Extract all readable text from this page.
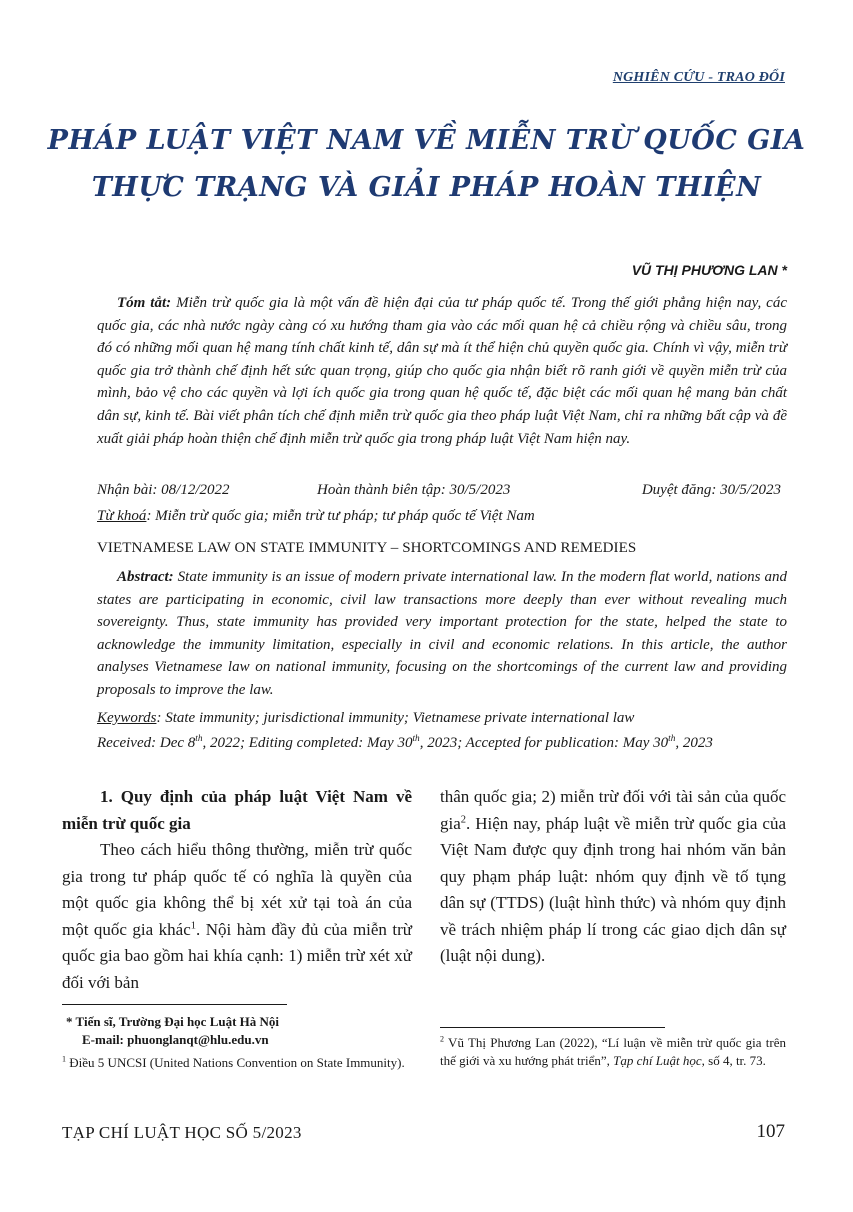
NGHIÊN CỨU - TRAO ĐỔI
PHÁP LUẬT VIỆT NAM VỀ MIỄN TRỪ QUỐC GIA
THỰC TRẠNG VÀ GIẢI PHÁP HOÀN THIỆN
VŨ THỊ PHƯƠNG LAN *
Tóm tắt: Miễn trừ quốc gia là một vấn đề hiện đại của tư pháp quốc tế. Trong thế giới phẳng hiện nay, các quốc gia, các nhà nước ngày càng có xu hướng tham gia vào các mối quan hệ cả chiều rộng và chiều sâu, trong đó có những mối quan hệ mang tính chất kinh tế, dân sự mà ít thể hiện chủ quyền quốc gia. Chính vì vậy, miễn trừ quốc gia trở thành chế định hết sức quan trọng, giúp cho quốc gia nhận biết rõ ranh giới về quyền miễn trừ của mình, bảo vệ cho các quyền và lợi ích quốc gia trong quan hệ quốc tế, đặc biệt các mối quan hệ mang bản chất dân sự, kinh tế. Bài viết phân tích chế định miễn trừ quốc gia theo pháp luật Việt Nam, chỉ ra những bất cập và đề xuất giải pháp hoàn thiện chế định miễn trừ quốc gia trong pháp luật Việt Nam hiện nay.
Nhận bài: 08/12/2022	Hoàn thành biên tập: 30/5/2023	Duyệt đăng: 30/5/2023
Từ khoá: Miễn trừ quốc gia; miễn trừ tư pháp; tư pháp quốc tế Việt Nam
VIETNAMESE LAW ON STATE IMMUNITY – SHORTCOMINGS AND REMEDIES
Abstract: State immunity is an issue of modern private international law. In the modern flat world, nations and states are participating in economic, civil law transactions more deeply than ever without revealing much sovereignty. Thus, state immunity has provided very important protection for the state, helped the state to acknowledge the immunity limitation, especially in civil and economic relations. In this article, the author analyses Vietnamese law on national immunity, focusing on the shortcomings of the current law and providing proposals to improve the law.
Keywords: State immunity; jurisdictional immunity; Vietnamese private international law
Received: Dec 8th, 2022; Editing completed: May 30th, 2023; Accepted for publication: May 30th, 2023
1. Quy định của pháp luật Việt Nam về miễn trừ quốc gia
Theo cách hiểu thông thường, miễn trừ quốc gia trong tư pháp quốc tế có nghĩa là quyền của một quốc gia không thể bị xét xử tại toà án của một quốc gia khác$^1$. Nội hàm đầy đủ của miễn trừ quốc gia bao gồm hai khía cạnh: 1) miễn trừ xét xử đối với bản
thân quốc gia; 2) miễn trừ đối với tài sản của quốc gia$^2$. Hiện nay, pháp luật về miễn trừ quốc gia của Việt Nam được quy định trong hai nhóm văn bản quy phạm pháp luật: nhóm quy định về tố tụng dân sự (TTDS) (luật hình thức) và nhóm quy định về trách nhiệm pháp lí trong các giao dịch dân sự (luật nội dung).
* Tiến sĩ, Trường Đại học Luật Hà Nội
E-mail: phuonglanqt@hlu.edu.vn
$^1$ Điều 5 UNCSI (United Nations Convention on State Immunity).
$^2$ Vũ Thị Phương Lan (2022), “Lí luận về miễn trừ quốc gia trên thế giới và xu hướng phát triển”, Tạp chí Luật học, số 4, tr. 73.
TẠP CHÍ LUẬT HỌC SỐ 5/2023	107
